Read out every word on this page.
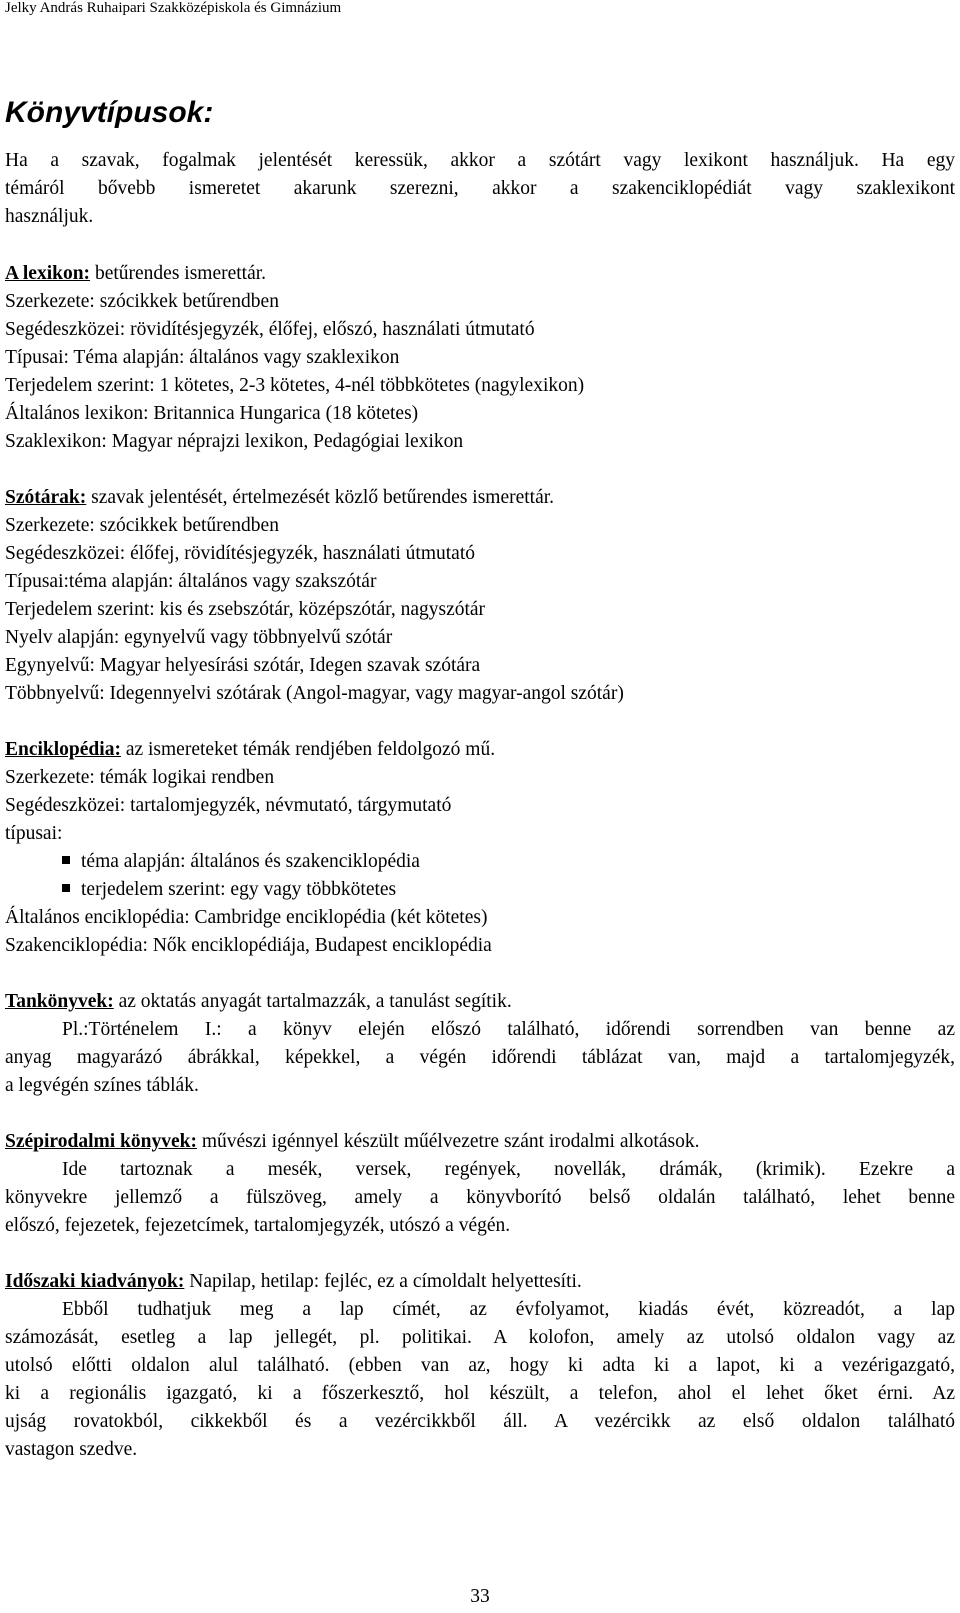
Jelky András Ruhaipari Szakközépiskola és Gimnázium
Könyvtípusok:
Ha a szavak, fogalmak jelentését keressük, akkor a szótárt vagy lexikont használjuk. Ha egy
témáról bővebb ismeretet akarunk szerezni, akkor a szakenciklopédiát vagy szaklexikont
használjuk.
A lexikon: betűrendes ismerettár.
Szerkezete: szócikkek betűrendben
Segédeszközei: rövidítésjegyzék, élőfej, előszó, használati útmutató
Típusai: Téma alapján: általános vagy szaklexikon
Terjedelem szerint: 1 kötetes, 2-3 kötetes, 4-nél többkötetes (nagylexikon)
Általános lexikon: Britannica Hungarica (18 kötetes)
Szaklexikon: Magyar néprajzi lexikon, Pedagógiai lexikon
Szótárak: szavak jelentését, értelmezését közlő betűrendes ismerettár.
Szerkezete: szócikkek betűrendben
Segédeszközei: élőfej, rövidítésjegyzék, használati útmutató
Típusai:téma alapján: általános vagy szakszótár
Terjedelem szerint: kis és zsebszótár, középszótár, nagyszótár
Nyelv alapján: egynyelvű vagy többnyelvű szótár
Egynyelvű: Magyar helyesírási szótár, Idegen szavak szótára
Többnyelvű: Idegennyelvi szótárak (Angol-magyar, vagy magyar-angol szótár)
Enciklopédia: az ismereteket témák rendjében feldolgozó mű.
Szerkezete: témák logikai rendben
Segédeszközei: tartalomjegyzék, névmutató, tárgymutató
típusai:
téma alapján: általános és szakenciklopédia
terjedelem szerint: egy vagy többkötetes
Általános enciklopédia: Cambridge enciklopédia (két kötetes)
Szakenciklopédia: Nők enciklopédiája, Budapest enciklopédia
Tankönyvek: az oktatás anyagát tartalmazzák, a tanulást segítik.
Pl.:Történelem I.: a könyv elején előszó található, időrendi sorrendben van benne az
anyag magyarázó ábrákkal, képekkel, a végén időrendi táblázat van, majd a tartalomjegyzék,
a legvégén színes táblák.
Szépirodalmi könyvek: művészi igénnyel készült műélvezetre szánt irodalmi alkotások.
Ide tartoznak a mesék, versek, regények, novellák, drámák, (krimik). Ezekre a
könyvekre jellemző a fülszöveg, amely a könyvborító belső oldalán található, lehet benne
előszó, fejezetek, fejezetcímek, tartalomjegyzék, utószó a végén.
Időszaki kiadványok: Napilap, hetilap: fejléc, ez a címoldalt helyettesíti.
Ebből tudhatjuk meg a lap címét, az évfolyamot, kiadás évét, közreadót, a lap
számozását, esetleg a lap jellegét, pl. politikai. A kolofon, amely az utolsó oldalon vagy az
utolsó előtti oldalon alul található. (ebben van az, hogy ki adta ki a lapot, ki a vezérigazgató,
ki a regionális igazgató, ki a főszerkesztő, hol készült, a telefon, ahol el lehet őket érni. Az
ujság rovatokból, cikkekből és a vezércikkből áll. A vezércikk az első oldalon található
vastagon szedve.
33
